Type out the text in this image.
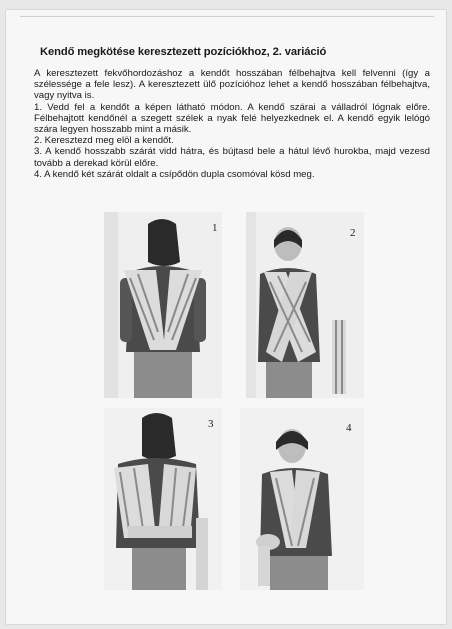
Kendő megkötése keresztezett pozíciókhoz, 2. variáció

A keresztezett fekvőhordozáshoz a kendőt hosszában félbehajtva kell felvenni (így a szélessége a fele lesz). A keresztezett ülő pozícióhoz lehet a kendő hosszában félbehajtva, vagy nyitva is.

1. Vedd fel a kendőt a képen látható módon. A kendő szárai a válladról lógnak előre. Félbehajtott kendőnél a szegett szélek a nyak felé helyezkednek el. A kendő egyik lelógó szára legyen hosszabb mint a másik.

2. Keresztezd meg elöl a kendőt.

3. A kendő hosszabb szárát vidd hátra, és bújtasd bele a hátul lévő hurokba, majd vezesd tovább a derekad körül előre.

4. A kendő két szárát oldalt a csípődön dupla csomóval kösd meg.

1	2
3	4
